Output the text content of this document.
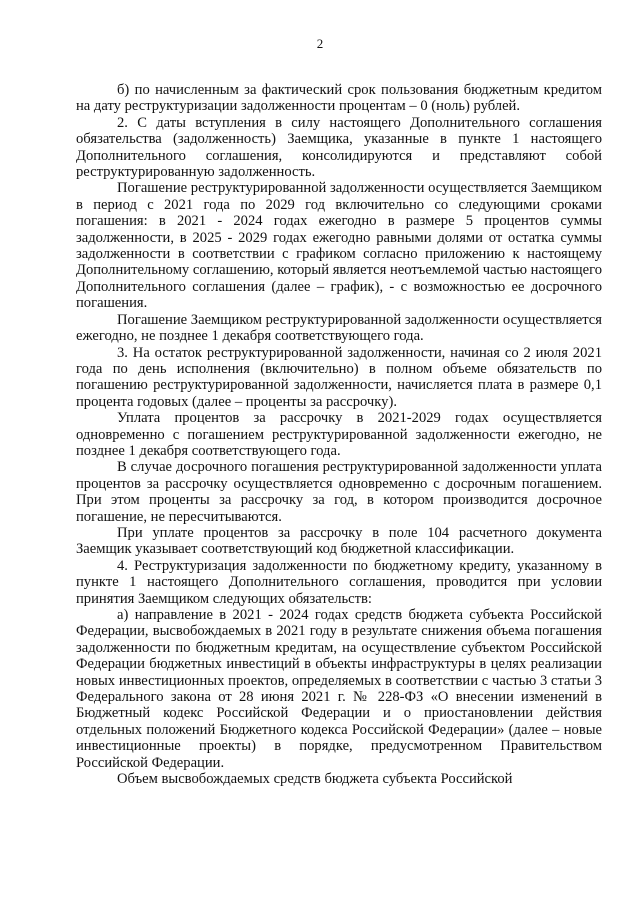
2

б) по начисленным за фактический срок пользования бюджетным кредитом на дату реструктуризации задолженности процентам – 0 (ноль) рублей.

2. С даты вступления в силу настоящего Дополнительного соглашения обязательства (задолженность) Заемщика, указанные в пункте 1 настоящего Дополнительного соглашения, консолидируются и представляют собой реструктурированную задолженность.

Погашение реструктурированной задолженности осуществляется Заемщиком в период с 2021 года по 2029 год включительно со следующими сроками погашения: в 2021 - 2024 годах ежегодно в размере 5 процентов суммы задолженности, в 2025 - 2029 годах ежегодно равными долями от остатка суммы задолженности в соответствии с графиком согласно приложению к настоящему Дополнительному соглашению, который является неотъемлемой частью настоящего Дополнительного соглашения (далее – график), - с возможностью ее досрочного погашения.

Погашение Заемщиком реструктурированной задолженности осуществляется ежегодно, не позднее 1 декабря соответствующего года.

3. На остаток реструктурированной задолженности, начиная со 2 июля 2021 года по день исполнения (включительно) в полном объеме обязательств по погашению реструктурированной задолженности, начисляется плата в размере 0,1 процента годовых (далее – проценты за рассрочку).

Уплата процентов за рассрочку в 2021-2029 годах осуществляется одновременно с погашением реструктурированной задолженности ежегодно, не позднее 1 декабря соответствующего года.

В случае досрочного погашения реструктурированной задолженности уплата процентов за рассрочку осуществляется одновременно с досрочным погашением. При этом проценты за рассрочку за год, в котором производится досрочное погашение, не пересчитываются.

При уплате процентов за рассрочку в поле 104 расчетного документа Заемщик указывает соответствующий код бюджетной классификации.

4. Реструктуризация задолженности по бюджетному кредиту, указанному в пункте 1 настоящего Дополнительного соглашения, проводится при условии принятия Заемщиком следующих обязательств:

а) направление в 2021 - 2024 годах средств бюджета субъекта Российской Федерации, высвобождаемых в 2021 году в результате снижения объема погашения задолженности по бюджетным кредитам, на осуществление субъектом Российской Федерации бюджетных инвестиций в объекты инфраструктуры в целях реализации новых инвестиционных проектов, определяемых в соответствии с частью 3 статьи 3 Федерального закона от 28 июня 2021 г. № 228-ФЗ «О внесении изменений в Бюджетный кодекс Российской Федерации и о приостановлении действия отдельных положений Бюджетного кодекса Российской Федерации» (далее – новые инвестиционные проекты) в порядке, предусмотренном Правительством Российской Федерации.

Объем высвобождаемых средств бюджета субъекта Российской
